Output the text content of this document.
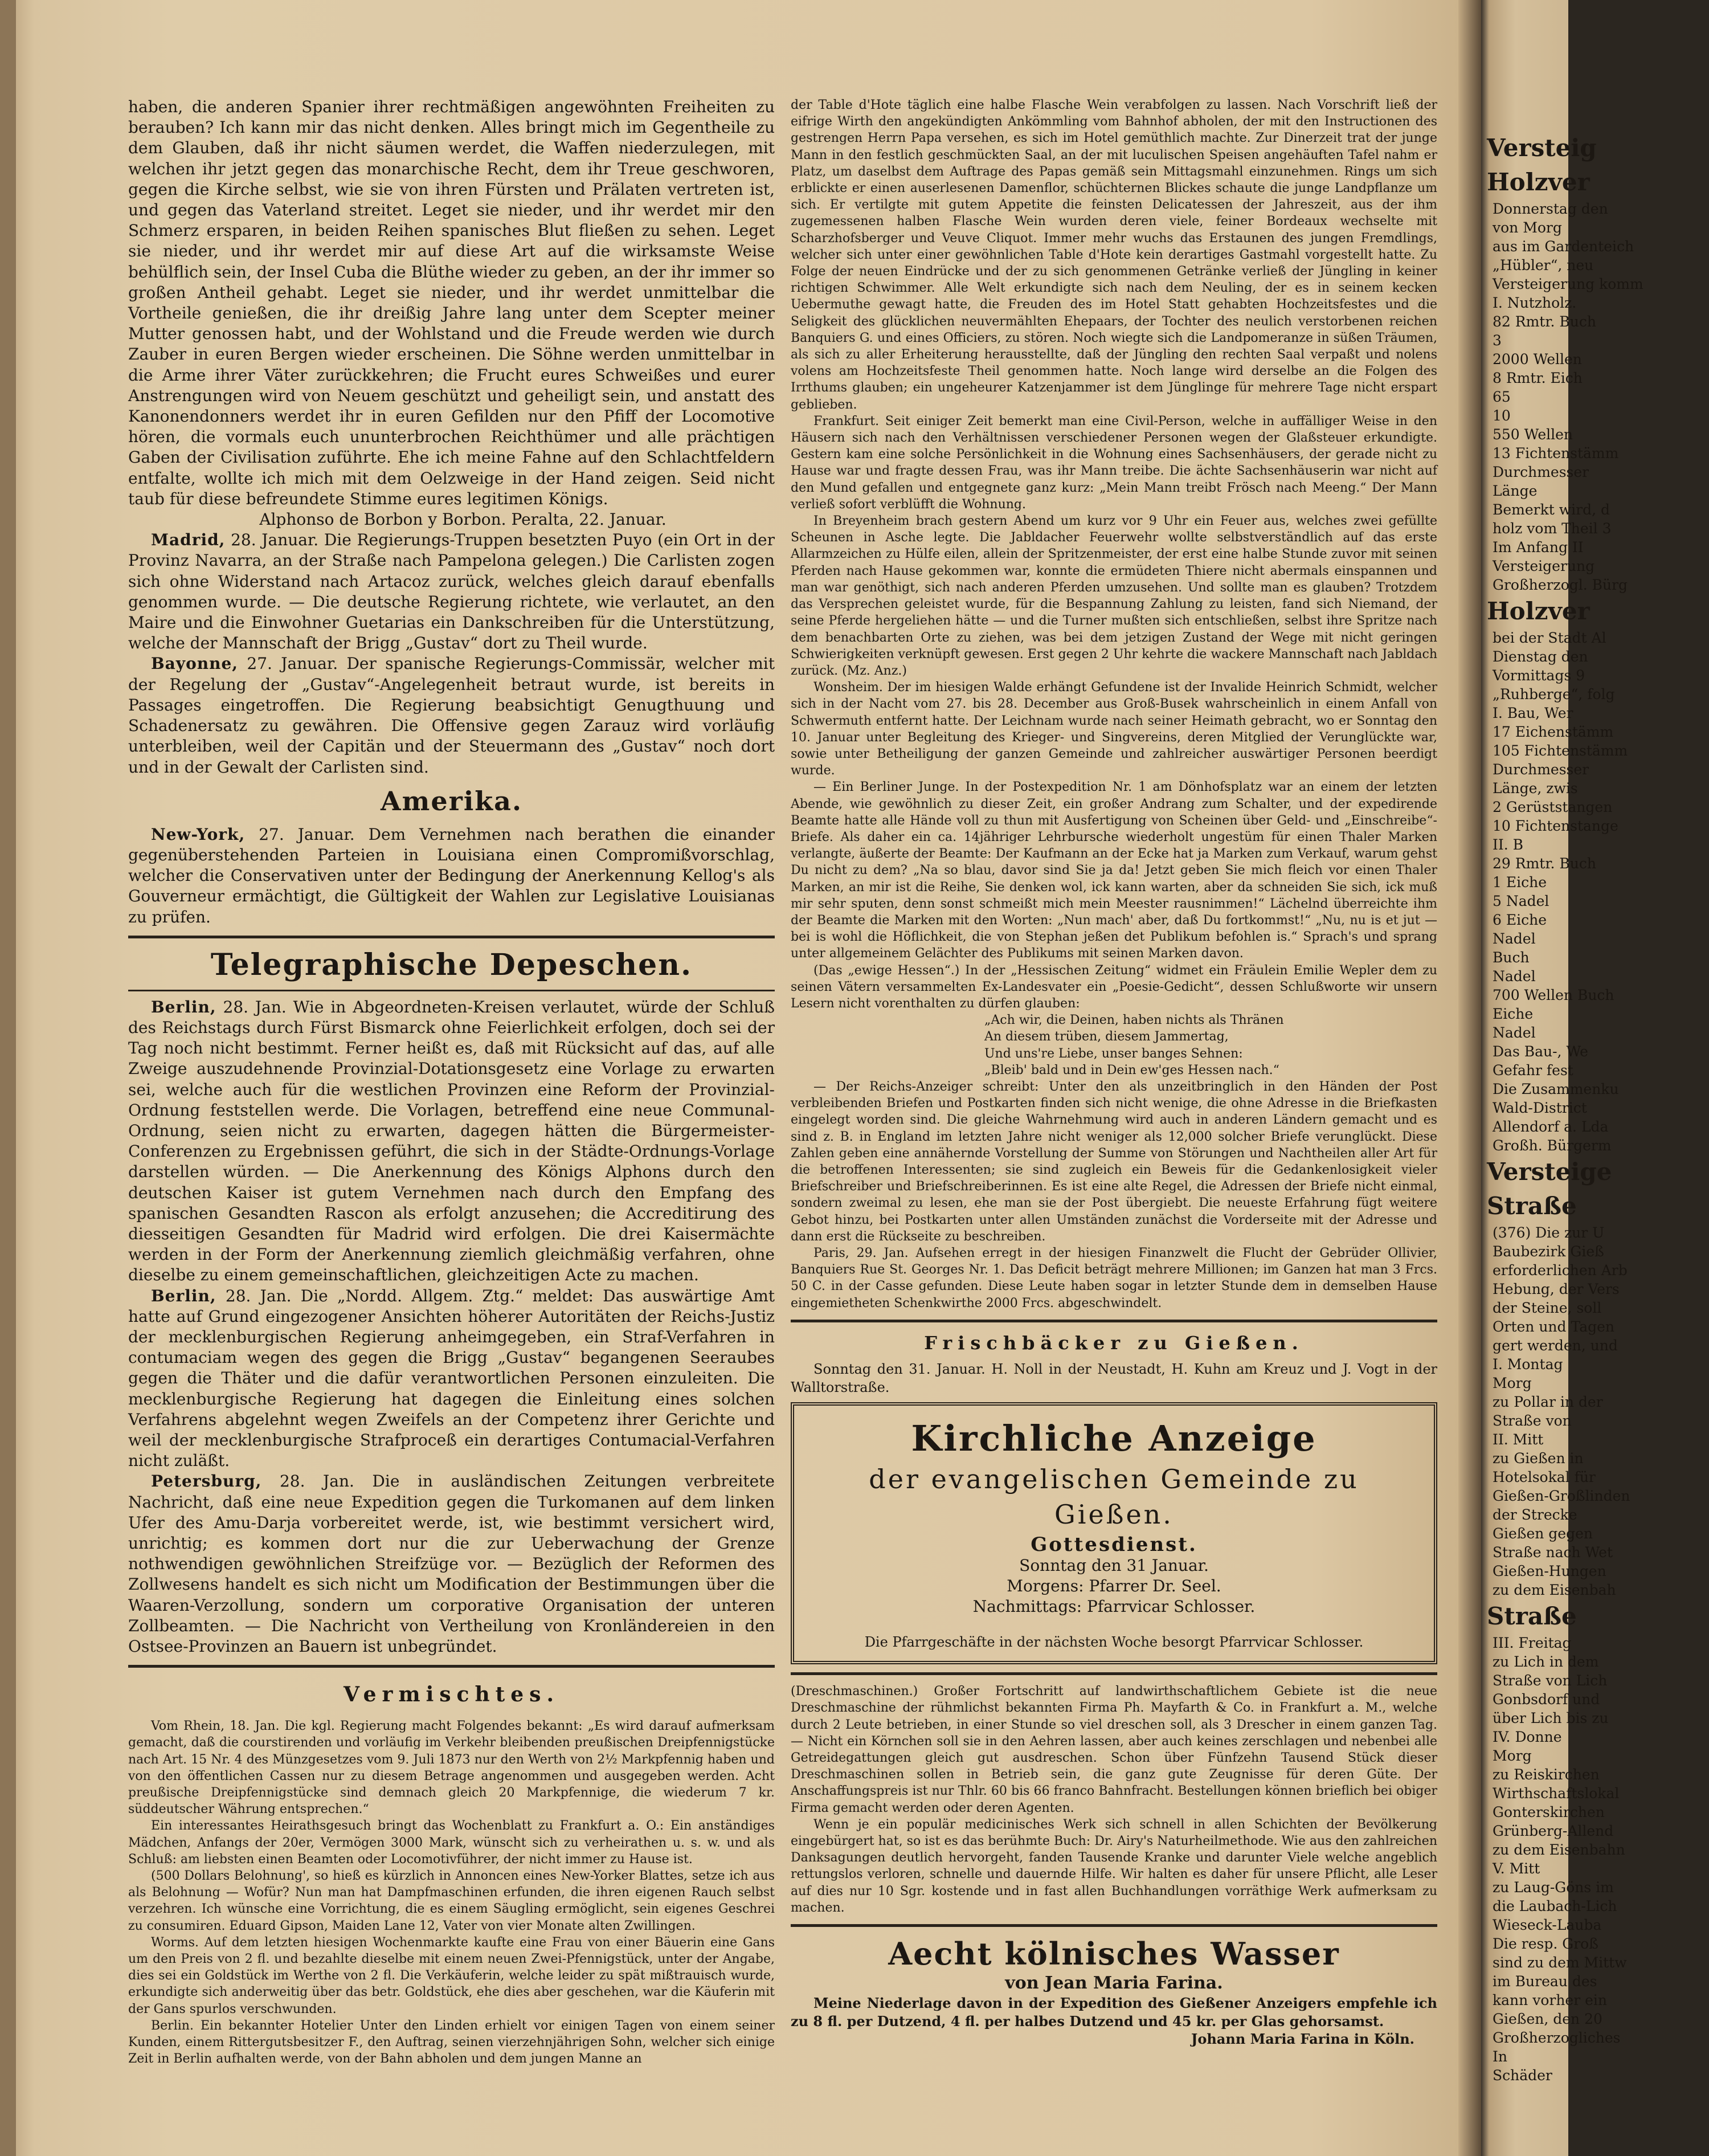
haben, die anderen Spanier ihrer rechtmäßigen angewöhnten Freiheiten zu berauben? Ich kann mir das nicht denken. Alles bringt mich im Gegentheile zu dem Glauben, daß ihr nicht säumen werdet, die Waffen niederzulegen, mit welchen ihr jetzt gegen das monarchische Recht, dem ihr Treue geschworen, gegen die Kirche selbst, wie sie von ihren Fürsten und Prälaten vertreten ist, und gegen das Vaterland streitet. Leget sie nieder, und ihr werdet mir den Schmerz ersparen, in beiden Reihen spanisches Blut fließen zu sehen. Leget sie nieder, und ihr werdet mir auf diese Art auf die wirksamste Weise behülflich sein, der Insel Cuba die Blüthe wieder zu geben, an der ihr immer so großen Antheil gehabt. Leget sie nieder, und ihr werdet unmittelbar die Vortheile genießen, die ihr dreißig Jahre lang unter dem Scepter meiner Mutter genossen habt, und der Wohlstand und die Freude werden wie durch Zauber in euren Bergen wieder erscheinen. Die Söhne werden unmittelbar in die Arme ihrer Väter zurückkehren; die Frucht eures Schweißes und eurer Anstrengungen wird von Neuem geschützt und geheiligt sein, und anstatt des Kanonendonners werdet ihr in euren Gefilden nur den Pfiff der Locomotive hören, die vormals euch ununterbrochen Reichthümer und alle prächtigen Gaben der Civilisation zuführte. Ehe ich meine Fahne auf den Schlachtfeldern entfalte, wollte ich mich mit dem Oelzweige in der Hand zeigen. Seid nicht taub für diese befreundete Stimme eures legitimen Königs.

Alphonso de Borbon y Borbon. Peralta, 22. Januar.

Madrid, 28. Januar. Die Regierungs-Truppen besetzten Puyo (ein Ort in der Provinz Navarra, an der Straße nach Pampelona gelegen.) Die Carlisten zogen sich ohne Widerstand nach Artacoz zurück, welches gleich darauf ebenfalls genommen wurde. — Die deutsche Regierung richtete, wie verlautet, an den Maire und die Einwohner Guetarias ein Dankschreiben für die Unterstützung, welche der Mannschaft der Brigg „Gustav“ dort zu Theil wurde.

Bayonne, 27. Januar. Der spanische Regierungs-Commissär, welcher mit der Regelung der „Gustav“-Angelegenheit betraut wurde, ist bereits in Passages eingetroffen. Die Regierung beabsichtigt Genugthuung und Schadenersatz zu gewähren. Die Offensive gegen Zarauz wird vorläufig unterbleiben, weil der Capitän und der Steuermann des „Gustav“ noch dort und in der Gewalt der Carlisten sind.

Amerika.

New-York, 27. Januar. Dem Vernehmen nach berathen die einander gegenüberstehenden Parteien in Louisiana einen Compromißvorschlag, welcher die Conservativen unter der Bedingung der Anerkennung Kellog's als Gouverneur ermächtigt, die Gültigkeit der Wahlen zur Legislative Louisianas zu prüfen.

Telegraphische Depeschen.

Berlin, 28. Jan. Wie in Abgeordneten-Kreisen verlautet, würde der Schluß des Reichstags durch Fürst Bismarck ohne Feierlichkeit erfolgen, doch sei der Tag noch nicht bestimmt. Ferner heißt es, daß mit Rücksicht auf das, auf alle Zweige auszudehnende Provinzial-Dotationsgesetz eine Vorlage zu erwarten sei, welche auch für die westlichen Provinzen eine Reform der Provinzial-Ordnung feststellen werde. Die Vorlagen, betreffend eine neue Communal-Ordnung, seien nicht zu erwarten, dagegen hätten die Bürgermeister-Conferenzen zu Ergebnissen geführt, die sich in der Städte-Ordnungs-Vorlage darstellen würden. — Die Anerkennung des Königs Alphons durch den deutschen Kaiser ist gutem Vernehmen nach durch den Empfang des spanischen Gesandten Rascon als erfolgt anzusehen; die Accreditirung des diesseitigen Gesandten für Madrid wird erfolgen. Die drei Kaisermächte werden in der Form der Anerkennung ziemlich gleichmäßig verfahren, ohne dieselbe zu einem gemeinschaftlichen, gleichzeitigen Acte zu machen.

Berlin, 28. Jan. Die „Nordd. Allgem. Ztg.“ meldet: Das auswärtige Amt hatte auf Grund eingezogener Ansichten höherer Autoritäten der Reichs-Justiz der mecklenburgischen Regierung anheimgegeben, ein Straf-Verfahren in contumaciam wegen des gegen die Brigg „Gustav“ begangenen Seeraubes gegen die Thäter und die dafür verantwortlichen Personen einzuleiten. Die mecklenburgische Regierung hat dagegen die Einleitung eines solchen Verfahrens abgelehnt wegen Zweifels an der Competenz ihrer Gerichte und weil der mecklenburgische Strafproceß ein derartiges Contumacial-Verfahren nicht zuläßt.

Petersburg, 28. Jan. Die in ausländischen Zeitungen verbreitete Nachricht, daß eine neue Expedition gegen die Turkomanen auf dem linken Ufer des Amu-Darja vorbereitet werde, ist, wie bestimmt versichert wird, unrichtig; es kommen dort nur die zur Ueberwachung der Grenze nothwendigen gewöhnlichen Streifzüge vor. — Bezüglich der Reformen des Zollwesens handelt es sich nicht um Modification der Bestimmungen über die Waaren-Verzollung, sondern um corporative Organisation der unteren Zollbeamten. — Die Nachricht von Vertheilung von Kronländereien in den Ostsee-Provinzen an Bauern ist unbegründet.

Vermischtes.

Vom Rhein, 18. Jan. Die kgl. Regierung macht Folgendes bekannt: „Es wird darauf aufmerksam gemacht, daß die courstirenden und vorläufig im Verkehr bleibenden preußischen Dreipfennigstücke nach Art. 15 Nr. 4 des Münzgesetzes vom 9. Juli 1873 nur den Werth von 2½ Markpfennig haben und von den öffentlichen Cassen nur zu diesem Betrage angenommen und ausgegeben werden. Acht preußische Dreipfennigstücke sind demnach gleich 20 Markpfennige, die wiederum 7 kr. süddeutscher Währung entsprechen.“

Ein interessantes Heirathsgesuch bringt das Wochenblatt zu Frankfurt a. O.: Ein anständiges Mädchen, Anfangs der 20er, Vermögen 3000 Mark, wünscht sich zu verheirathen u. s. w. und als Schluß: am liebsten einen Beamten oder Locomotivführer, der nicht immer zu Hause ist.

(500 Dollars Belohnung', so hieß es kürzlich in Annoncen eines New-Yorker Blattes, setze ich aus als Belohnung — Wofür? Nun man hat Dampfmaschinen erfunden, die ihren eigenen Rauch selbst verzehren. Ich wünsche eine Vorrichtung, die es einem Säugling ermöglicht, sein eigenes Geschrei zu consumiren. Eduard Gipson, Maiden Lane 12, Vater von vier Monate alten Zwillingen.

Worms. Auf dem letzten hiesigen Wochenmarkte kaufte eine Frau von einer Bäuerin eine Gans um den Preis von 2 fl. und bezahlte dieselbe mit einem neuen Zwei-Pfennigstück, unter der Angabe, dies sei ein Goldstück im Werthe von 2 fl. Die Verkäuferin, welche leider zu spät mißtrauisch wurde, erkundigte sich anderweitig über das betr. Goldstück, ehe dies aber geschehen, war die Käuferin mit der Gans spurlos verschwunden.

Berlin. Ein bekannter Hotelier Unter den Linden erhielt vor einigen Tagen von einem seiner Kunden, einem Rittergutsbesitzer F., den Auftrag, seinen vierzehnjährigen Sohn, welcher sich einige Zeit in Berlin aufhalten werde, von der Bahn abholen und dem jungen Manne an

der Table d'Hote täglich eine halbe Flasche Wein verabfolgen zu lassen. Nach Vorschrift ließ der eifrige Wirth den angekündigten Ankömmling vom Bahnhof abholen, der mit den Instructionen des gestrengen Herrn Papa versehen, es sich im Hotel gemüthlich machte. Zur Dinerzeit trat der junge Mann in den festlich geschmückten Saal, an der mit luculischen Speisen angehäuften Tafel nahm er Platz, um daselbst dem Auftrage des Papas gemäß sein Mittagsmahl einzunehmen. Rings um sich erblickte er einen auserlesenen Damenflor, schüchternen Blickes schaute die junge Landpflanze um sich. Er vertilgte mit gutem Appetite die feinsten Delicatessen der Jahreszeit, aus der ihm zugemessenen halben Flasche Wein wurden deren viele, feiner Bordeaux wechselte mit Scharzhofsberger und Veuve Cliquot. Immer mehr wuchs das Erstaunen des jungen Fremdlings, welcher sich unter einer gewöhnlichen Table d'Hote kein derartiges Gastmahl vorgestellt hatte. Zu Folge der neuen Eindrücke und der zu sich genommenen Getränke verließ der Jüngling in keiner richtigen Schwimmer. Alle Welt erkundigte sich nach dem Neuling, der es in seinem kecken Uebermuthe gewagt hatte, die Freuden des im Hotel Statt gehabten Hochzeitsfestes und die Seligkeit des glücklichen neuvermählten Ehepaars, der Tochter des neulich verstorbenen reichen Banquiers G. und eines Officiers, zu stören. Noch wiegte sich die Landpomeranze in süßen Träumen, als sich zu aller Erheiterung herausstellte, daß der Jüngling den rechten Saal verpaßt und nolens volens am Hochzeitsfeste Theil genommen hatte. Noch lange wird derselbe an die Folgen des Irrthums glauben; ein ungeheurer Katzenjammer ist dem Jünglinge für mehrere Tage nicht erspart geblieben.

Frankfurt. Seit einiger Zeit bemerkt man eine Civil-Person, welche in auffälliger Weise in den Häusern sich nach den Verhältnissen verschiedener Personen wegen der Glaßsteuer erkundigte. Gestern kam eine solche Persönlichkeit in die Wohnung eines Sachsenhäusers, der gerade nicht zu Hause war und fragte dessen Frau, was ihr Mann treibe. Die ächte Sachsenhäuserin war nicht auf den Mund gefallen und entgegnete ganz kurz: „Mein Mann treibt Frösch nach Meeng.“ Der Mann verließ sofort verblüfft die Wohnung.

In Breyenheim brach gestern Abend um kurz vor 9 Uhr ein Feuer aus, welches zwei gefüllte Scheunen in Asche legte. Die Jabldacher Feuerwehr wollte selbstverständlich auf das erste Allarmzeichen zu Hülfe eilen, allein der Spritzenmeister, der erst eine halbe Stunde zuvor mit seinen Pferden nach Hause gekommen war, konnte die ermüdeten Thiere nicht abermals einspannen und man war genöthigt, sich nach anderen Pferden umzusehen. Und sollte man es glauben? Trotzdem das Versprechen geleistet wurde, für die Bespannung Zahlung zu leisten, fand sich Niemand, der seine Pferde hergeliehen hätte — und die Turner mußten sich entschließen, selbst ihre Spritze nach dem benachbarten Orte zu ziehen, was bei dem jetzigen Zustand der Wege mit nicht geringen Schwierigkeiten verknüpft gewesen. Erst gegen 2 Uhr kehrte die wackere Mannschaft nach Jabldach zurück. (Mz. Anz.)

Wonsheim. Der im hiesigen Walde erhängt Gefundene ist der Invalide Heinrich Schmidt, welcher sich in der Nacht vom 27. bis 28. December aus Groß-Busek wahrscheinlich in einem Anfall von Schwermuth entfernt hatte. Der Leichnam wurde nach seiner Heimath gebracht, wo er Sonntag den 10. Januar unter Begleitung des Krieger- und Singvereins, deren Mitglied der Verunglückte war, sowie unter Betheiligung der ganzen Gemeinde und zahlreicher auswärtiger Personen beerdigt wurde.

— Ein Berliner Junge. In der Postexpedition Nr. 1 am Dönhofsplatz war an einem der letzten Abende, wie gewöhnlich zu dieser Zeit, ein großer Andrang zum Schalter, und der expedirende Beamte hatte alle Hände voll zu thun mit Ausfertigung von Scheinen über Geld- und „Einschreibe“-Briefe. Als daher ein ca. 14jähriger Lehrbursche wiederholt ungestüm für einen Thaler Marken verlangte, äußerte der Beamte: Der Kaufmann an der Ecke hat ja Marken zum Verkauf, warum gehst Du nicht zu dem? „Na so blau, davor sind Sie ja da! Jetzt geben Sie mich fleich vor einen Thaler Marken, an mir ist die Reihe, Sie denken wol, ick kann warten, aber da schneiden Sie sich, ick muß mir sehr sputen, denn sonst schmeißt mich mein Meester rausnimmen!“ Lächelnd überreichte ihm der Beamte die Marken mit den Worten: „Nun mach' aber, daß Du fortkommst!“ „Nu, nu is et jut — bei is wohl die Höflichkeit, die von Stephan jeßen det Publikum befohlen is.“ Sprach's und sprang unter allgemeinem Gelächter des Publikums mit seinen Marken davon.

(Das „ewige Hessen“.) In der „Hessischen Zeitung“ widmet ein Fräulein Emilie Wepler dem zu seinen Vätern versammelten Ex-Landesvater ein „Poesie-Gedicht“, dessen Schlußworte wir unsern Lesern nicht vorenthalten zu dürfen glauben:

„Ach wir, die Deinen, haben nichts als Thränen

An diesem trüben, diesem Jammertag,

Und uns're Liebe, unser banges Sehnen:

„Bleib' bald und in Dein ew'ges Hessen nach.“

— Der Reichs-Anzeiger schreibt: Unter den als unzeitbringlich in den Händen der Post verbleibenden Briefen und Postkarten finden sich nicht wenige, die ohne Adresse in die Briefkasten eingelegt worden sind. Die gleiche Wahrnehmung wird auch in anderen Ländern gemacht und es sind z. B. in England im letzten Jahre nicht weniger als 12,000 solcher Briefe verunglückt. Diese Zahlen geben eine annähernde Vorstellung der Summe von Störungen und Nachtheilen aller Art für die betroffenen Interessenten; sie sind zugleich ein Beweis für die Gedankenlosigkeit vieler Briefschreiber und Briefschreiberinnen. Es ist eine alte Regel, die Adressen der Briefe nicht einmal, sondern zweimal zu lesen, ehe man sie der Post übergiebt. Die neueste Erfahrung fügt weitere Gebot hinzu, bei Postkarten unter allen Umständen zunächst die Vorderseite mit der Adresse und dann erst die Rückseite zu beschreiben.

Paris, 29. Jan. Aufsehen erregt in der hiesigen Finanzwelt die Flucht der Gebrüder Ollivier, Banquiers Rue St. Georges Nr. 1. Das Deficit beträgt mehrere Millionen; im Ganzen hat man 3 Frcs. 50 C. in der Casse gefunden. Diese Leute haben sogar in letzter Stunde dem in demselben Hause eingemietheten Schenkwirthe 2000 Frcs. abgeschwindelt.

Frischbäcker zu Gießen.

Sonntag den 31. Januar. H. Noll in der Neustadt, H. Kuhn am Kreuz und J. Vogt in der Walltorstraße.

Kirchliche Anzeige
der evangelischen Gemeinde zu Gießen.
Gottesdienst.
Sonntag den 31 Januar.
Morgens: Pfarrer Dr. Seel.
Nachmittags: Pfarrvicar Schlosser.
Die Pfarrgeschäfte in der nächsten Woche besorgt Pfarrvicar Schlosser.

(Dreschmaschinen.) Großer Fortschritt auf landwirthschaftlichem Gebiete ist die neue Dreschmaschine der rühmlichst bekannten Firma Ph. Mayfarth & Co. in Frankfurt a. M., welche durch 2 Leute betrieben, in einer Stunde so viel dreschen soll, als 3 Drescher in einem ganzen Tag. — Nicht ein Körnchen soll sie in den Aehren lassen, aber auch keines zerschlagen und nebenbei alle Getreidegattungen gleich gut ausdreschen. Schon über Fünfzehn Tausend Stück dieser Dreschmaschinen sollen in Betrieb sein, die ganz gute Zeugnisse für deren Güte. Der Anschaffungspreis ist nur Thlr. 60 bis 66 franco Bahnfracht. Bestellungen können brieflich bei obiger Firma gemacht werden oder deren Agenten.

Wenn je ein populär medicinisches Werk sich schnell in allen Schichten der Bevölkerung eingebürgert hat, so ist es das berühmte Buch: Dr. Airy's Naturheilmethode. Wie aus den zahlreichen Danksagungen deutlich hervorgeht, fanden Tausende Kranke und darunter Viele welche angeblich rettungslos verloren, schnelle und dauernde Hilfe. Wir halten es daher für unsere Pflicht, alle Leser auf dies nur 10 Sgr. kostende und in fast allen Buchhandlungen vorräthige Werk aufmerksam zu machen.

Aecht kölnisches Wasser
von Jean Maria Farina.

Meine Niederlage davon in der Expedition des Gießener Anzeigers empfehle ich zu 8 fl. per Dutzend, 4 fl. per halbes Dutzend und 45 kr. per Glas gehorsamst.

Johann Maria Farina in Köln.

Versteig
Holzver
Donnerstag den
von Morg
aus im Gardenteich
„Hübler“, neu
Versteigerung komm
I. Nutzholz.
82 Rmtr. Buch
3
2000 Wellen
8 Rmtr. Eich
65
10
550 Wellen
13 Fichtenstämm
Durchmesser
Länge
Bemerkt wird, d
holz vom Theil 3
Im Anfang II
Versteigerung
Großherzogl. Bürg
Holzver
bei der Stadt Al
Dienstag den
Vormittags 9
„Ruhberge“, folg
I. Bau, Wer
17 Eichenstämm
105 Fichtenstämm
Durchmesser
Länge, zwis
2 Gerüststangen
10 Fichtenstange
II. B
29 Rmtr. Buch
1 Eiche
5 Nadel
6 Eiche
Nadel
Buch
Nadel
700 Wellen Buch
Eiche
Nadel
Das Bau-, We
Gefahr fest
Die Zusammenku
Wald-District
Allendorf a. Lda
Großh. Bürgerm
Versteige
Straße
(376) Die zur U
Baubezirk Gieß
erforderlichen Arb
Hebung, der Vers
der Steine, soll
Orten und Tagen
gert werden, und
I. Montag
Morg
zu Pollar in der
Straße von
II. Mitt
zu Gießen in
Hotelsokal für
Gießen-Großlinden
der Strecke
Gießen gegen
Straße nach Wet
Gießen-Hungen
zu dem Eisenbah
Straße
III. Freitag
zu Lich in dem
Straße von Lich
Gonbsdorf und
über Lich bis zu
IV. Donne
Morg
zu Reiskirchen
Wirthschaftslokal
Gonterskirchen
Grünberg-Allend
zu dem Eisenbahn
V. Mitt
zu Laug-Göns im
die Laubach-Lich
Wieseck-Lauba
Die resp. Groß
sind zu dem Mittw
im Bureau des
kann vorher ein
Gießen, den 20
Großherzogliches
In
Schäder
